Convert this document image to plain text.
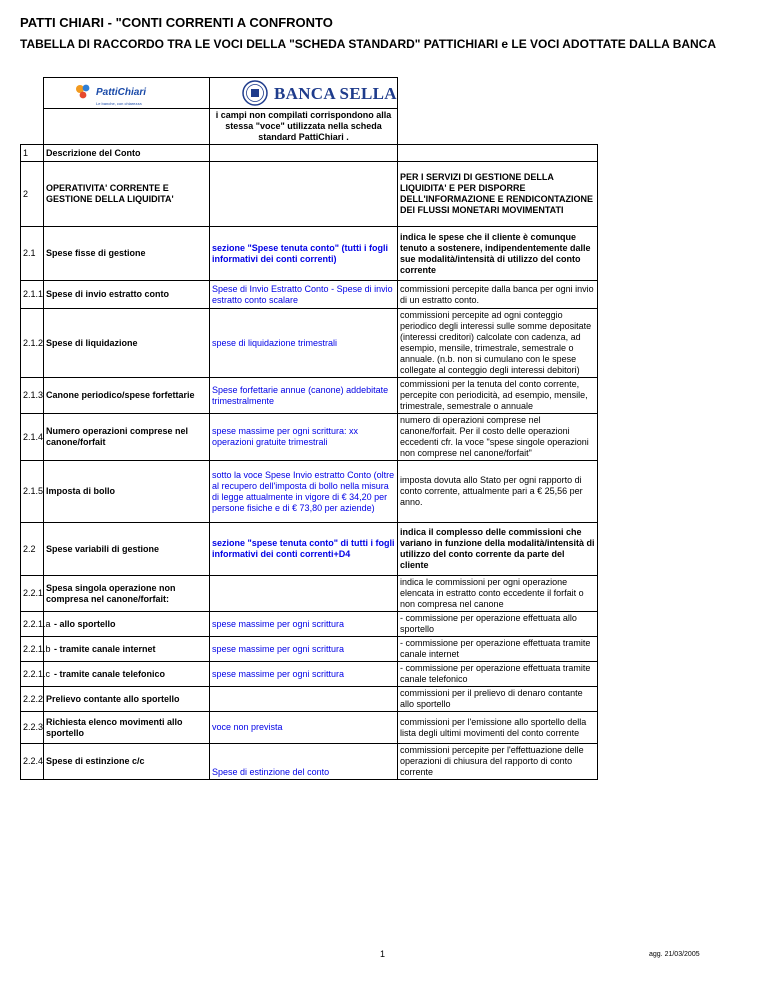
PATTI CHIARI - "CONTI CORRENTI A CONFRONTO
TABELLA DI RACCORDO TRA LE VOCI DELLA "SCHEDA STANDARD" PATTICHIARI e LE VOCI ADOTTATE DALLA BANCA

	PattiChiari
Le banche, con chiarezza	BANCA SELLA	

		i campi non compilati corrispondono alla stessa "voce" utilizzata nella scheda standard PattiChiari .	
1	Descrizione del Conto		
2	OPERATIVITA' CORRENTE E GESTIONE DELLA LIQUIDITA'		PER I SERVIZI DI GESTIONE DELLA LIQUIDITA' E PER DISPORRE DELL'INFORMAZIONE E RENDICONTAZIONE DEI FLUSSI MONETARI MOVIMENTATI
2.1	Spese fisse di gestione	sezione "Spese tenuta conto" (tutti i fogli informativi dei conti correnti)	indica le spese che il cliente è comunque tenuto a sostenere, indipendentemente dalle sue modalità/intensità di utilizzo del conto corrente
2.1.1	Spese di invio estratto conto	Spese di Invio Estratto Conto - Spese di invio estratto conto scalare	commissioni percepite dalla banca per ogni invio di un estratto conto.
2.1.2	Spese di liquidazione	spese di liquidazione trimestrali	commissioni percepite ad ogni conteggio periodico degli interessi sulle somme depositate (interessi creditori) calcolate con cadenza, ad esempio, mensile, trimestrale, semestrale o annuale. (n.b. non si cumulano con le spese collegate al conteggio degli interessi debitori)
2.1.3	Canone periodico/spese forfettarie	Spese forfettarie annue (canone) addebitate trimestralmente	commissioni per la tenuta del conto corrente, percepite con periodicità, ad esempio, mensile, trimestrale, semestrale o annuale
2.1.4	Numero operazioni comprese nel canone/forfait	spese massime per ogni scrittura: xx operazioni gratuite trimestrali	numero di operazioni comprese nel canone/forfait. Per il costo delle operazioni eccedenti cfr. la voce "spese singole operazioni non comprese nel canone/forfait"
2.1.5	Imposta di bollo	sotto la voce Spese Invio estratto Conto (oltre al recupero dell'imposta di bollo nella misura di legge attualmente in vigore di € 34,20 per persone fisiche e di € 73,80 per aziende)	imposta dovuta allo Stato per ogni rapporto di conto corrente, attualmente pari a € 25,56 per anno.
2.2	Spese variabili di gestione	sezione "spese tenuta conto" di tutti i fogli informativi dei conti correnti+D4	indica il complesso delle commissioni che variano in funzione della modalità/intensità di utilizzo del conto corrente da parte del cliente
2.2.1	Spesa singola operazione non compresa nel canone/forfait:		indica le commissioni per ogni operazione elencata in estratto conto eccedente il forfait o non compresa nel canone
2.2.1.a	- allo sportello	spese massime per ogni scrittura	- commissione per operazione effettuata allo sportello
2.2.1.b	- tramite canale internet	spese massime per ogni scrittura	- commissione per operazione effettuata tramite canale internet
2.2.1.c	- tramite canale telefonico	spese massime per ogni scrittura	- commissione per operazione effettuata tramite canale telefonico
2.2.2	Prelievo contante allo sportello		commissioni per il prelievo di denaro contante allo sportello
2.2.3	Richiesta elenco movimenti allo sportello	voce non prevista	commissioni per l'emissione allo sportello della lista degli ultimi movimenti del conto corrente
2.2.4	Spese di estinzione c/c	Spese di estinzione del conto	commissioni percepite per l'effettuazione delle operazioni di chiusura del rapporto di conto corrente
1	agg. 21/03/2005
